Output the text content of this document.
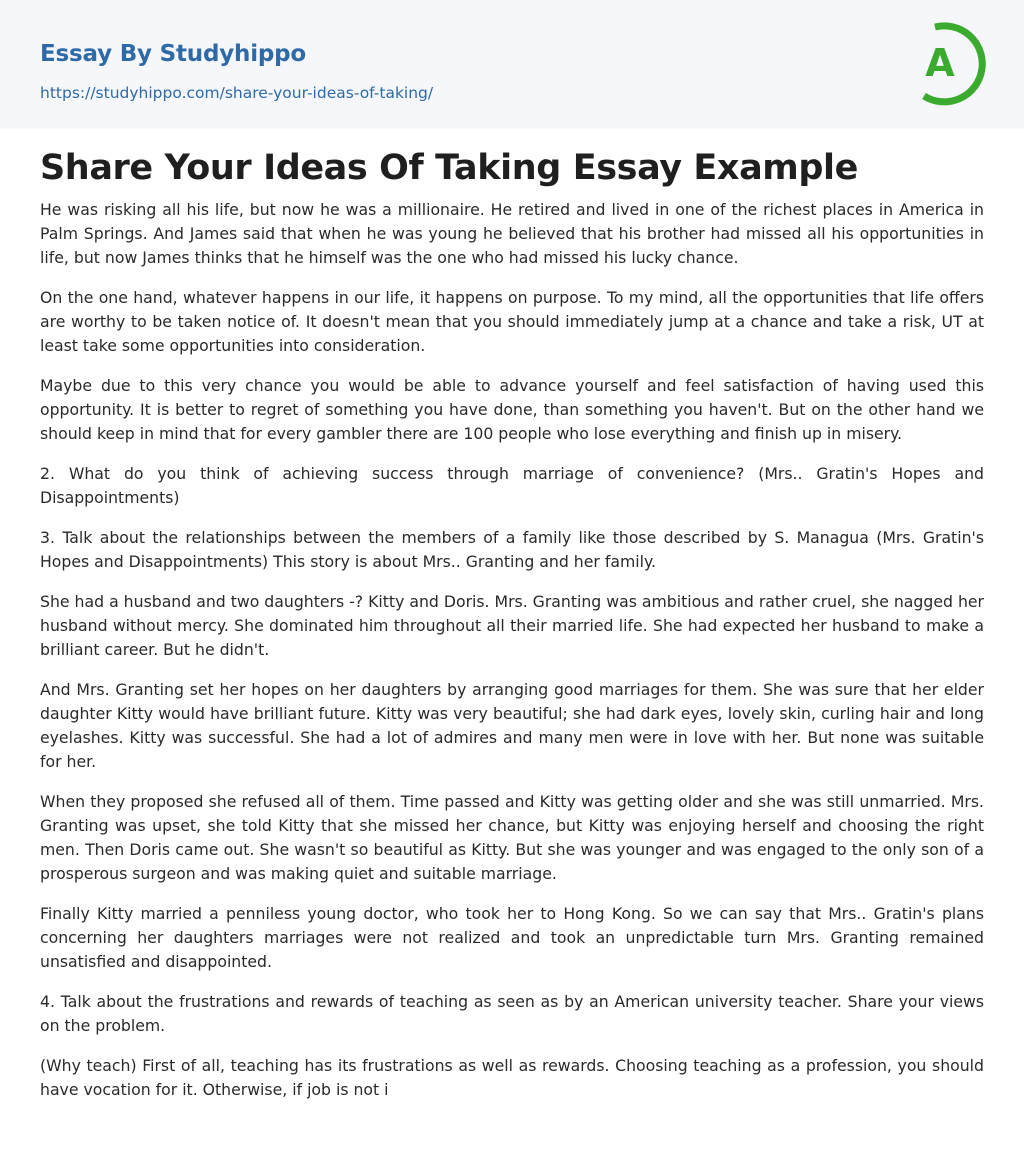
Essay By Studyhippo
https://studyhippo.com/share-your-ideas-of-taking/
A
Share Your Ideas Of Taking Essay Example

He was risking all his life, but now he was a millionaire. He retired and lived in one of the richest places in America in Palm Springs. And James said that when he was young he believed that his brother had missed all his opportunities in life, but now James thinks that he himself was the one who had missed his lucky chance.

On the one hand, whatever happens in our life, it happens on purpose. To my mind, all the opportunities that life offers are worthy to be taken notice of. It doesn't mean that you should immediately jump at a chance and take a risk, UT at least take some opportunities into consideration.

Maybe due to this very chance you would be able to advance yourself and feel satisfaction of having used this opportunity. It is better to regret of something you have done, than something you haven't. But on the other hand we should keep in mind that for every gambler there are 100 people who lose everything and finish up in misery.

2. What do you think of achieving success through marriage of convenience? (Mrs.. Gratin's Hopes and Disappointments)

3. Talk about the relationships between the members of a family like those described by S. Managua (Mrs. Gratin's Hopes and Disappointments) This story is about Mrs.. Granting and her family.

She had a husband and two daughters -? Kitty and Doris. Mrs. Granting was ambitious and rather cruel, she nagged her husband without mercy. She dominated him throughout all their married life. She had expected her husband to make a brilliant career. But he didn't.

And Mrs. Granting set her hopes on her daughters by arranging good marriages for them. She was sure that her elder daughter Kitty would have brilliant future. Kitty was very beautiful; she had dark eyes, lovely skin, curling hair and long eyelashes. Kitty was successful. She had a lot of admires and many men were in love with her. But none was suitable for her.

When they proposed she refused all of them. Time passed and Kitty was getting older and she was still unmarried. Mrs. Granting was upset, she told Kitty that she missed her chance, but Kitty was enjoying herself and choosing the right men. Then Doris came out. She wasn't so beautiful as Kitty. But she was younger and was engaged to the only son of a prosperous surgeon and was making quiet and suitable marriage.

Finally Kitty married a penniless young doctor, who took her to Hong Kong. So we can say that Mrs.. Gratin's plans concerning her daughters marriages were not realized and took an unpredictable turn Mrs. Granting remained unsatisfied and disappointed.

4. Talk about the frustrations and rewards of teaching as seen as by an American university teacher. Share your views on the problem.

(Why teach) First of all, teaching has its frustrations as well as rewards. Choosing teaching as a profession, you should have vocation for it. Otherwise, if job is not i
